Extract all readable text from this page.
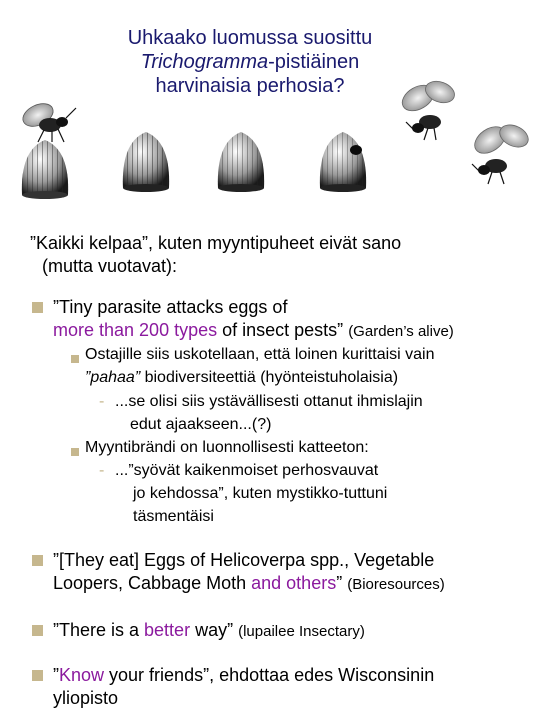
Uhkaako luomussa suosittu
Trichogramma-pistiäinen
harvinaisia perhosia?
”Kaikki kelpaa”, kuten myyntipuheet eivät sano
(mutta vuotavat):
”Tiny parasite attacks eggs of
more than 200 types of insect pests” (Garden’s alive)
Ostajille siis uskotellaan, että loinen kurittaisi vain
”pahaa” biodiversiteettiä (hyönteistuholaisia)
- ...se olisi siis ystävällisesti ottanut ihmislajin
edut ajaakseen...(?)
Myyntibrändi on luonnollisesti katteeton:
- ...”syövät kaikenmoiset perhosvauvat
jo kehdossa”, kuten mystikko-tuttuni
täsmentäisi
”[They eat] Eggs of Helicoverpa spp., Vegetable
Loopers, Cabbage Moth and others” (Bioresources)
”There is a better way” (lupailee Insectary)
”Know your friends”, ehdottaa edes Wisconsinin
yliopisto
